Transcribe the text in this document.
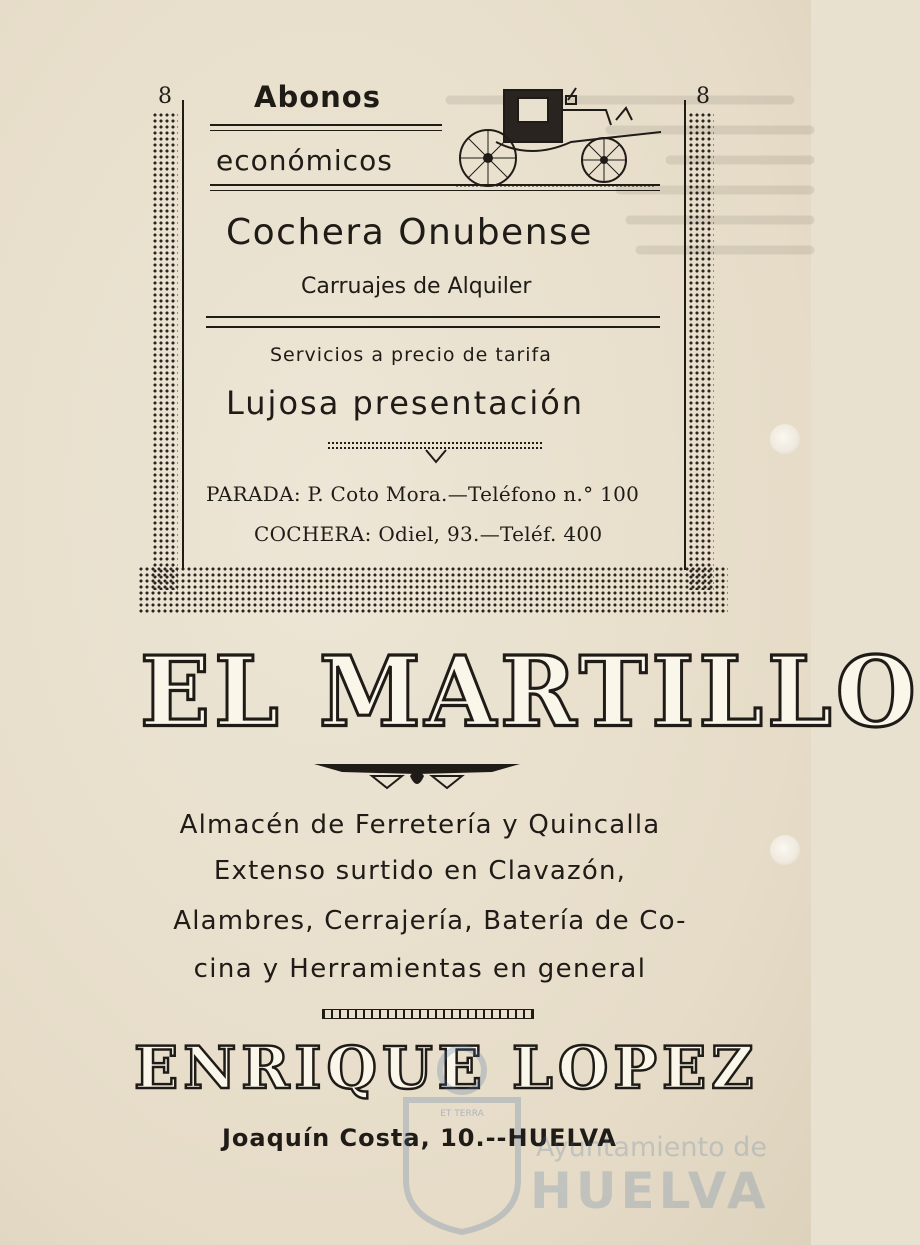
8	8
Abonos
económicos
Cochera Onubense
Carruajes de Alquiler
Servicios a precio de tarifa
Lujosa presentación
PARADA: P. Coto Mora.—Teléfono n.° 100
COCHERA: Odiel, 93.—Teléf. 400
EL MARTILLO
Almacén de Ferretería y Quincalla
Extenso surtido en Clavazón,
Alambres, Cerrajería, Batería de Co-
cina y Herramientas en general
ENRIQUE LOPEZ
Joaquín Costa, 10.--HUELVA
ET TERRA
Ayuntamiento de
HUELVA
